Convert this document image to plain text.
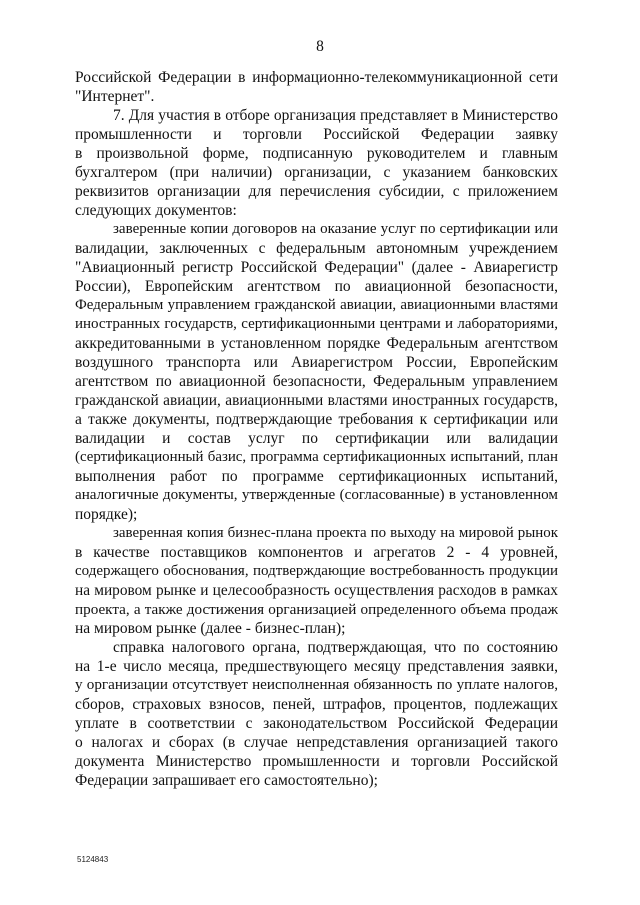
8
Российской Федерации в информационно-телекоммуникационной сети
"Интернет".
7. Для участия в отборе организация представляет в Министерство
промышленности и торговли Российской Федерации заявку
в произвольной форме, подписанную руководителем и главным
бухгалтером (при наличии) организации, с указанием банковских
реквизитов организации для перечисления субсидии, с приложением
следующих документов:
заверенные копии договоров на оказание услуг по сертификации или
валидации, заключенных с федеральным автономным учреждением
"Авиационный регистр Российской Федерации" (далее - Авиарегистр
России), Европейским агентством по авиационной безопасности,
Федеральным управлением гражданской авиации, авиационными властями
иностранных государств, сертификационными центрами и лабораториями,
аккредитованными в установленном порядке Федеральным агентством
воздушного транспорта или Авиарегистром России, Европейским
агентством по авиационной безопасности, Федеральным управлением
гражданской авиации, авиационными властями иностранных государств,
а также документы, подтверждающие требования к сертификации или
валидации и состав услуг по сертификации или валидации
(сертификационный базис, программа сертификационных испытаний, план
выполнения работ по программе сертификационных испытаний,
аналогичные документы, утвержденные (согласованные) в установленном
порядке);
заверенная копия бизнес-плана проекта по выходу на мировой рынок
в качестве поставщиков компонентов и агрегатов 2 - 4 уровней,
содержащего обоснования, подтверждающие востребованность продукции
на мировом рынке и целесообразность осуществления расходов в рамках
проекта, а также достижения организацией определенного объема продаж
на мировом рынке (далее - бизнес-план);
справка налогового органа, подтверждающая, что по состоянию
на 1-е число месяца, предшествующего месяцу представления заявки,
у организации отсутствует неисполненная обязанность по уплате налогов,
сборов, страховых взносов, пеней, штрафов, процентов, подлежащих
уплате в соответствии с законодательством Российской Федерации
о налогах и сборах (в случае непредставления организацией такого
документа Министерство промышленности и торговли Российской
Федерации запрашивает его самостоятельно);
5124843
